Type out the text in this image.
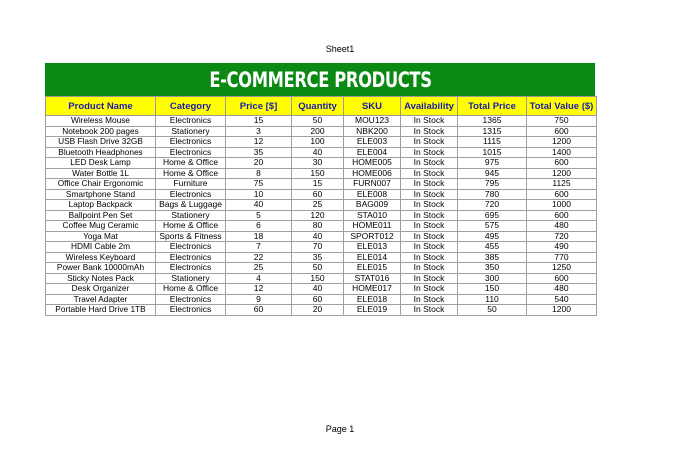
Sheet1
E-COMMERCE PRODUCTS
Product Name	Category	Price [$]	Quantity	SKU	Availability	Total Price	Total Value ($)
Wireless Mouse	Electronics	15	50	MOU123	In Stock	1365	750
Notebook 200 pages	Stationery	3	200	NBK200	In Stock	1315	600
USB Flash Drive 32GB	Electronics	12	100	ELE003	In Stock	1115	1200
Bluetooth Headphones	Electronics	35	40	ELE004	In Stock	1015	1400
LED Desk Lamp	Home & Office	20	30	HOME005	In Stock	975	600
Water Bottle 1L	Home & Office	8	150	HOME006	In Stock	945	1200
Office Chair Ergonomic	Furniture	75	15	FURN007	In Stock	795	1125
Smartphone Stand	Electronics	10	60	ELE008	In Stock	780	600
Laptop Backpack	Bags & Luggage	40	25	BAG009	In Stock	720	1000
Ballpoint Pen Set	Stationery	5	120	STA010	In Stock	695	600
Coffee Mug Ceramic	Home & Office	6	80	HOME011	In Stock	575	480
Yoga Mat	Sports & Fitness	18	40	SPORT012	In Stock	495	720
HDMI Cable 2m	Electronics	7	70	ELE013	In Stock	455	490
Wireless Keyboard	Electronics	22	35	ELE014	In Stock	385	770
Power Bank 10000mAh	Electronics	25	50	ELE015	In Stock	350	1250
Sticky Notes Pack	Stationery	4	150	STAT016	In Stock	300	600
Desk Organizer	Home & Office	12	40	HOME017	In Stock	150	480
Travel Adapter	Electronics	9	60	ELE018	In Stock	110	540
Portable Hard Drive 1TB	Electronics	60	20	ELE019	In Stock	50	1200
Page 1
